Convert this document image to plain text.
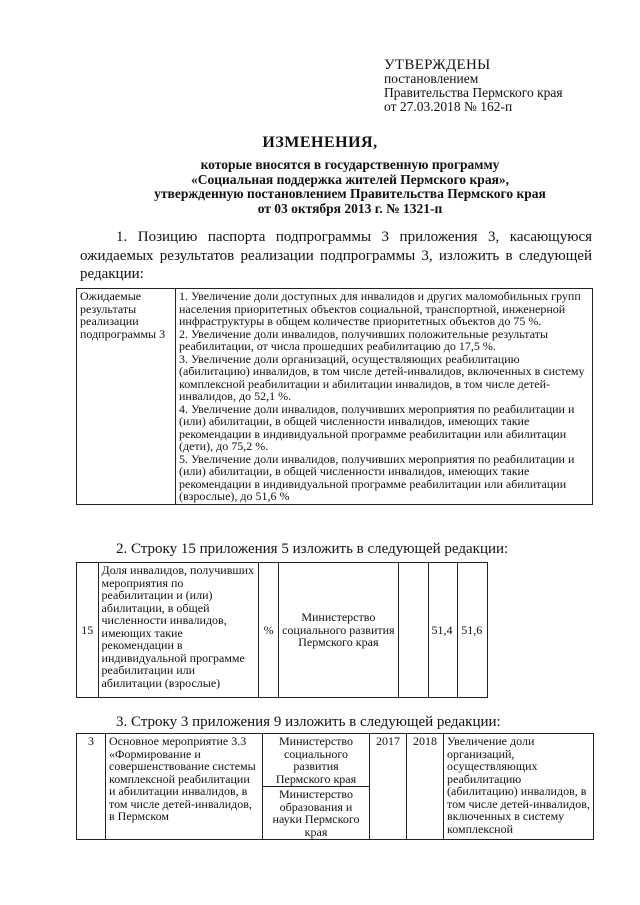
УТВЕРЖДЕНЫ
постановлением
Правительства Пермского края
от 27.03.2018 № 162-п
ИЗМЕНЕНИЯ,
которые вносятся в государственную программу
«Социальная поддержка жителей Пермского края»,
утвержденную постановлением Правительства Пермского края
от 03 октября 2013 г. № 1321-п
1. Позицию паспорта подпрограммы 3 приложения 3, касающуюся ожидаемых результатов реализации подпрограммы 3, изложить в следующей редакции:
Ожидаемые результаты реализации подпрограммы 3	

1. Увеличение доли доступных для инвалидов и других маломобильных групп населения приоритетных объектов социальной, транспортной, инженерной инфраструктуры в общем количестве приоритетных объектов до 75 %.

2. Увеличение доли инвалидов, получивших положительные результаты реабилитации, от числа прошедших реабилитацию до 17,5 %.

3. Увеличение доли организаций, осуществляющих реабилитацию (абилитацию) инвалидов, в том числе детей-инвалидов, включенных в систему комплексной реабилитации и абилитации инвалидов, в том числе детей-инвалидов, до 52,1 %.

4. Увеличение доли инвалидов, получивших мероприятия по реабилитации и (или) абилитации, в общей численности инвалидов, имеющих такие рекомендации в индивидуальной программе реабилитации или абилитации (дети), до 75,2 %.

5. Увеличение доли инвалидов, получивших мероприятия по реабилитации и (или) абилитации, в общей численности инвалидов, имеющих такие рекомендации в индивидуальной программе реабилитации или абилитации (взрослые), до 51,6 %

2. Строку 15 приложения 5 изложить в следующей редакции:
15	Доля инвалидов, получивших мероприятия по реабилитации и (или) абилитации, в общей численности инвалидов, имеющих такие рекомендации в индивидуальной программе реабилитации или абилитации (взрослые)	%	Министерство социального развития Пермского края		51,4	51,6
3. Строку 3 приложения 9 изложить в следующей редакции:
3	Основное мероприятие 3.3 «Формирование и совершенствование системы комплексной реабилитации и абилитации инвалидов, в том числе детей-инвалидов, в Пермском	Министерство социального развития Пермского края	2017	2018	Увеличение доли организаций, осуществляющих реабилитацию (абилитацию) инвалидов, в том числе детей-инвалидов, включенных в систему комплексной
Министерство образования и науки Пермского края
